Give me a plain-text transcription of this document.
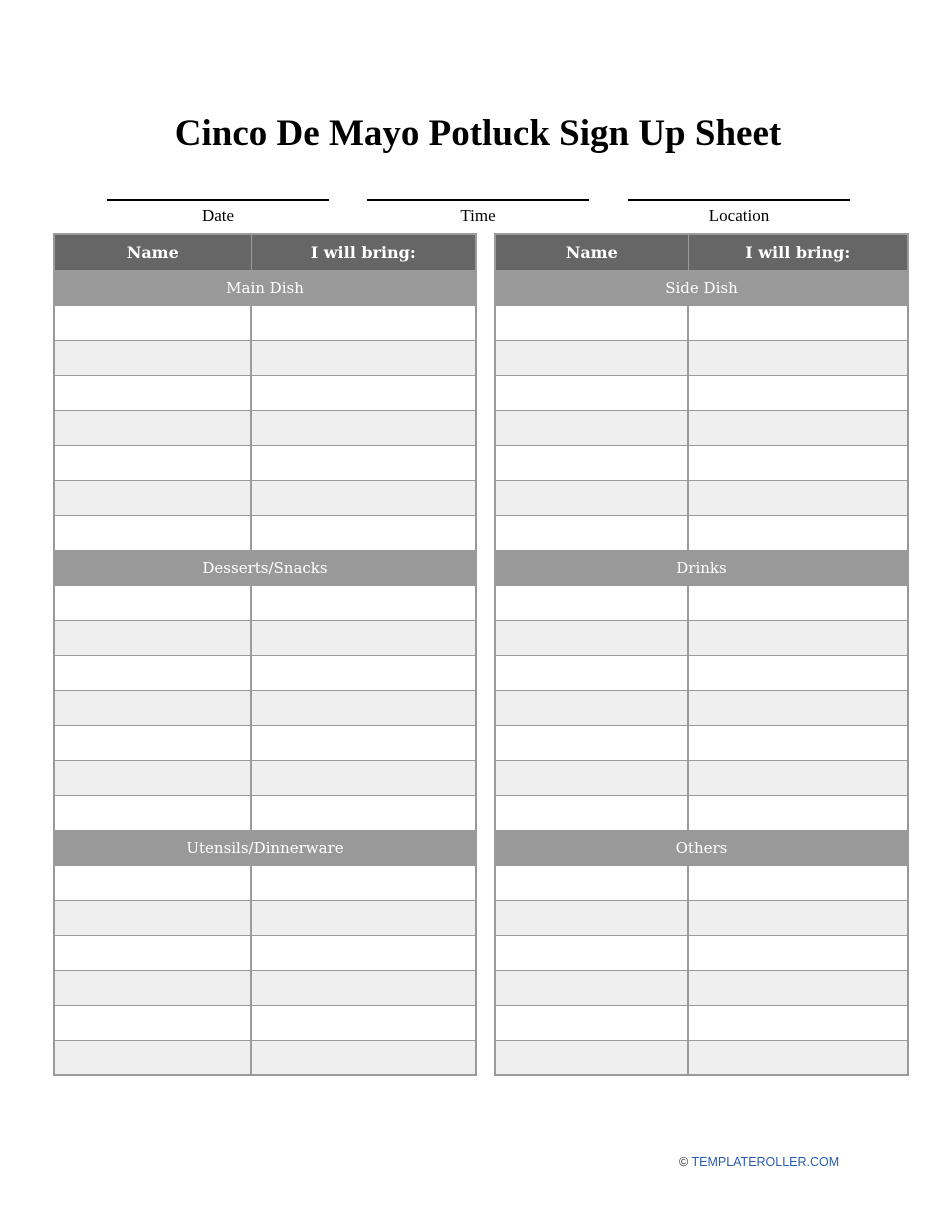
Cinco De Mayo Potluck Sign Up Sheet
Date	Time	Location
Name	I will bring:
Main Dish	

Desserts/Snacks	

Utensils/Dinnerware	

Name	I will bring:
Side Dish	

Drinks	

Others	

© TEMPLATEROLLER.COM
